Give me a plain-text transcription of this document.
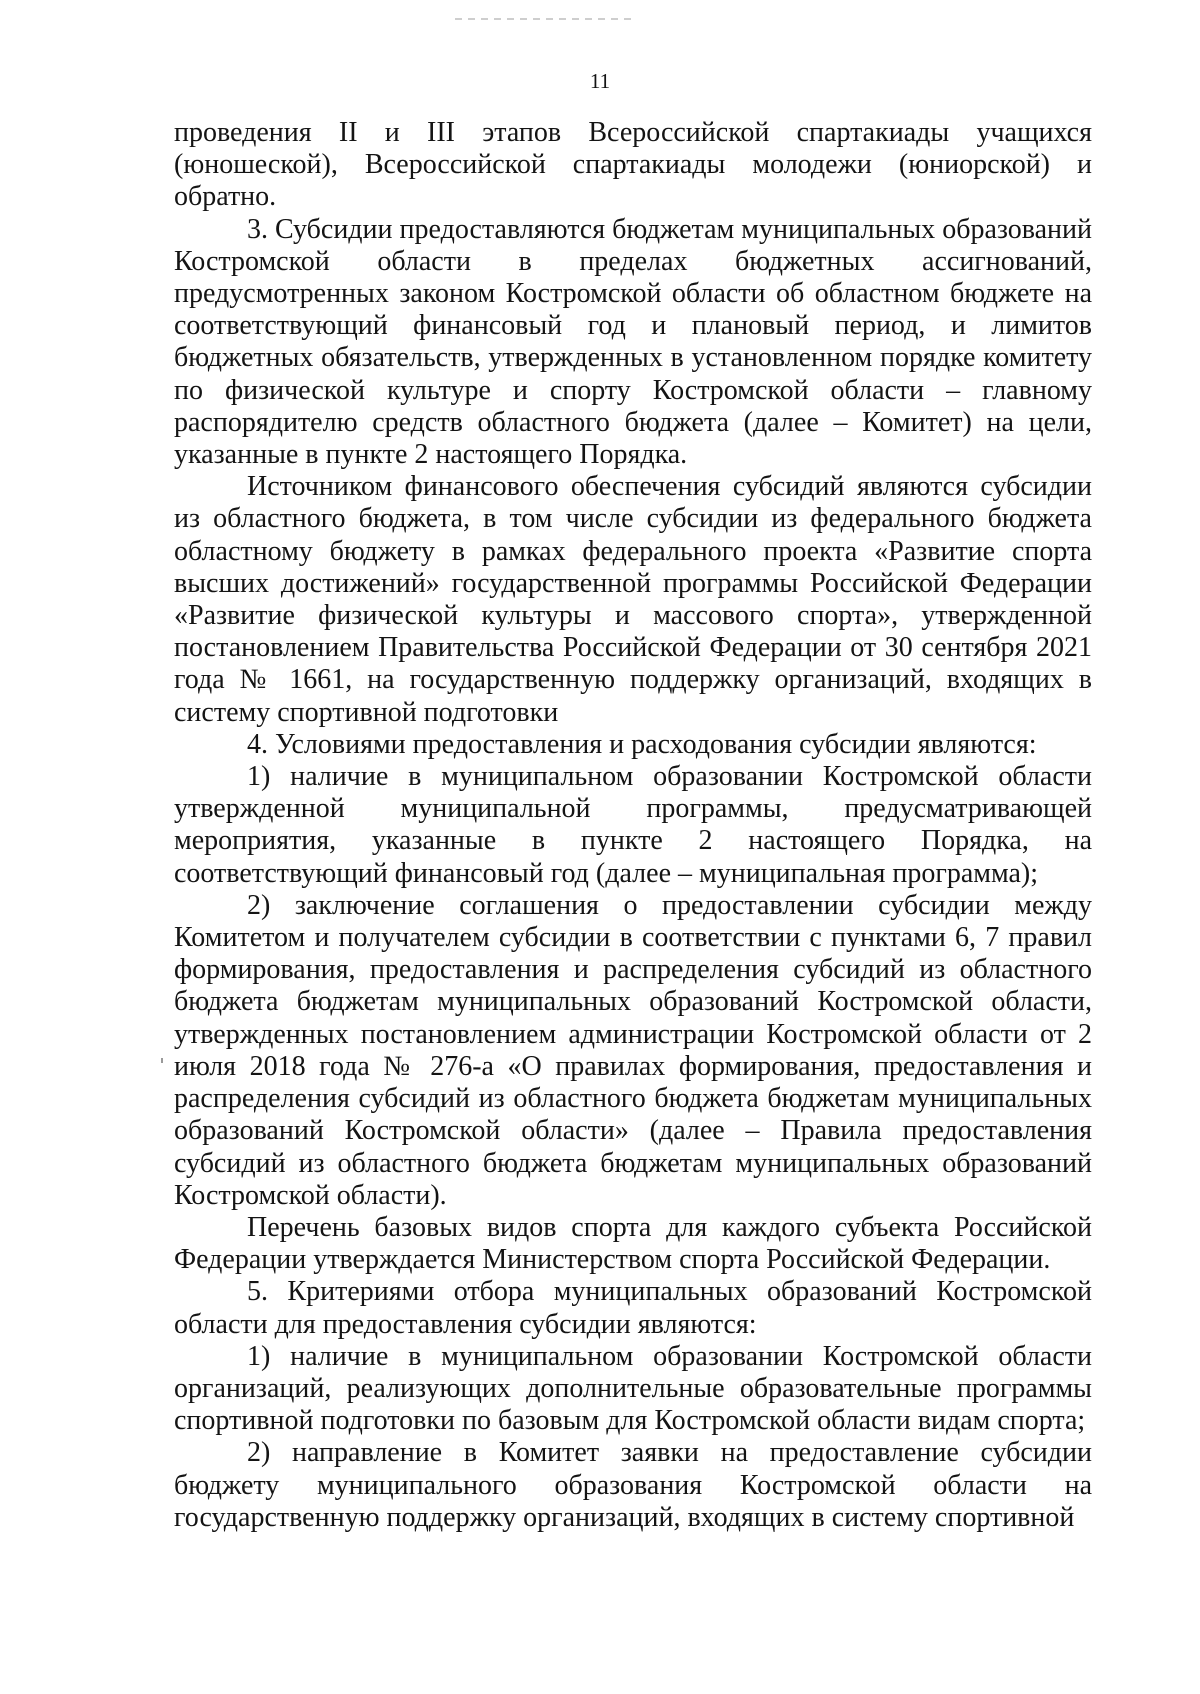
11

проведения II и III этапов Всероссийской спартакиады учащихся (юношеской), Всероссийской спартакиады молодежи (юниорской) и обратно.

3. Субсидии предоставляются бюджетам муниципальных образований Костромской области в пределах бюджетных ассигнований, предусмотренных законом Костромской области об областном бюджете на соответствующий финансовый год и плановый период, и лимитов бюджетных обязательств, утвержденных в установленном порядке комитету по физической культуре и спорту Костромской области – главному распорядителю средств областного бюджета (далее – Комитет) на цели, указанные в пункте 2 настоящего Порядка.

Источником финансового обеспечения субсидий являются субсидии из областного бюджета, в том числе субсидии из федерального бюджета областному бюджету в рамках федерального проекта «Развитие спорта высших достижений» государственной программы Российской Федерации «Развитие физической культуры и массового спорта», утвержденной постановлением Правительства Российской Федерации от 30 сентября 2021 года № 1661, на государственную поддержку организаций, входящих в систему спортивной подготовки

4. Условиями предоставления и расходования субсидии являются:

1) наличие в муниципальном образовании Костромской области утвержденной муниципальной программы, предусматривающей мероприятия, указанные в пункте 2 настоящего Порядка, на соответствующий финансовый год (далее – муниципальная программа);

2) заключение соглашения о предоставлении субсидии между Комитетом и получателем субсидии в соответствии с пунктами 6, 7 правил формирования, предоставления и распределения субсидий из областного бюджета бюджетам муниципальных образований Костромской области, утвержденных постановлением администрации Костромской области от 2 июля 2018 года № 276-а «О правилах формирования, предоставления и распределения субсидий из областного бюджета бюджетам муниципальных образований Костромской области» (далее – Правила предоставления субсидий из областного бюджета бюджетам муниципальных образований Костромской области).

Перечень базовых видов спорта для каждого субъекта Российской Федерации утверждается Министерством спорта Российской Федерации.

5. Критериями отбора муниципальных образований Костромской области для предоставления субсидии являются:

1) наличие в муниципальном образовании Костромской области организаций, реализующих дополнительные образовательные программы спортивной подготовки по базовым для Костромской области видам спорта;

2) направление в Комитет заявки на предоставление субсидии бюджету муниципального образования Костромской области на государственную поддержку организаций, входящих в систему спортивной
